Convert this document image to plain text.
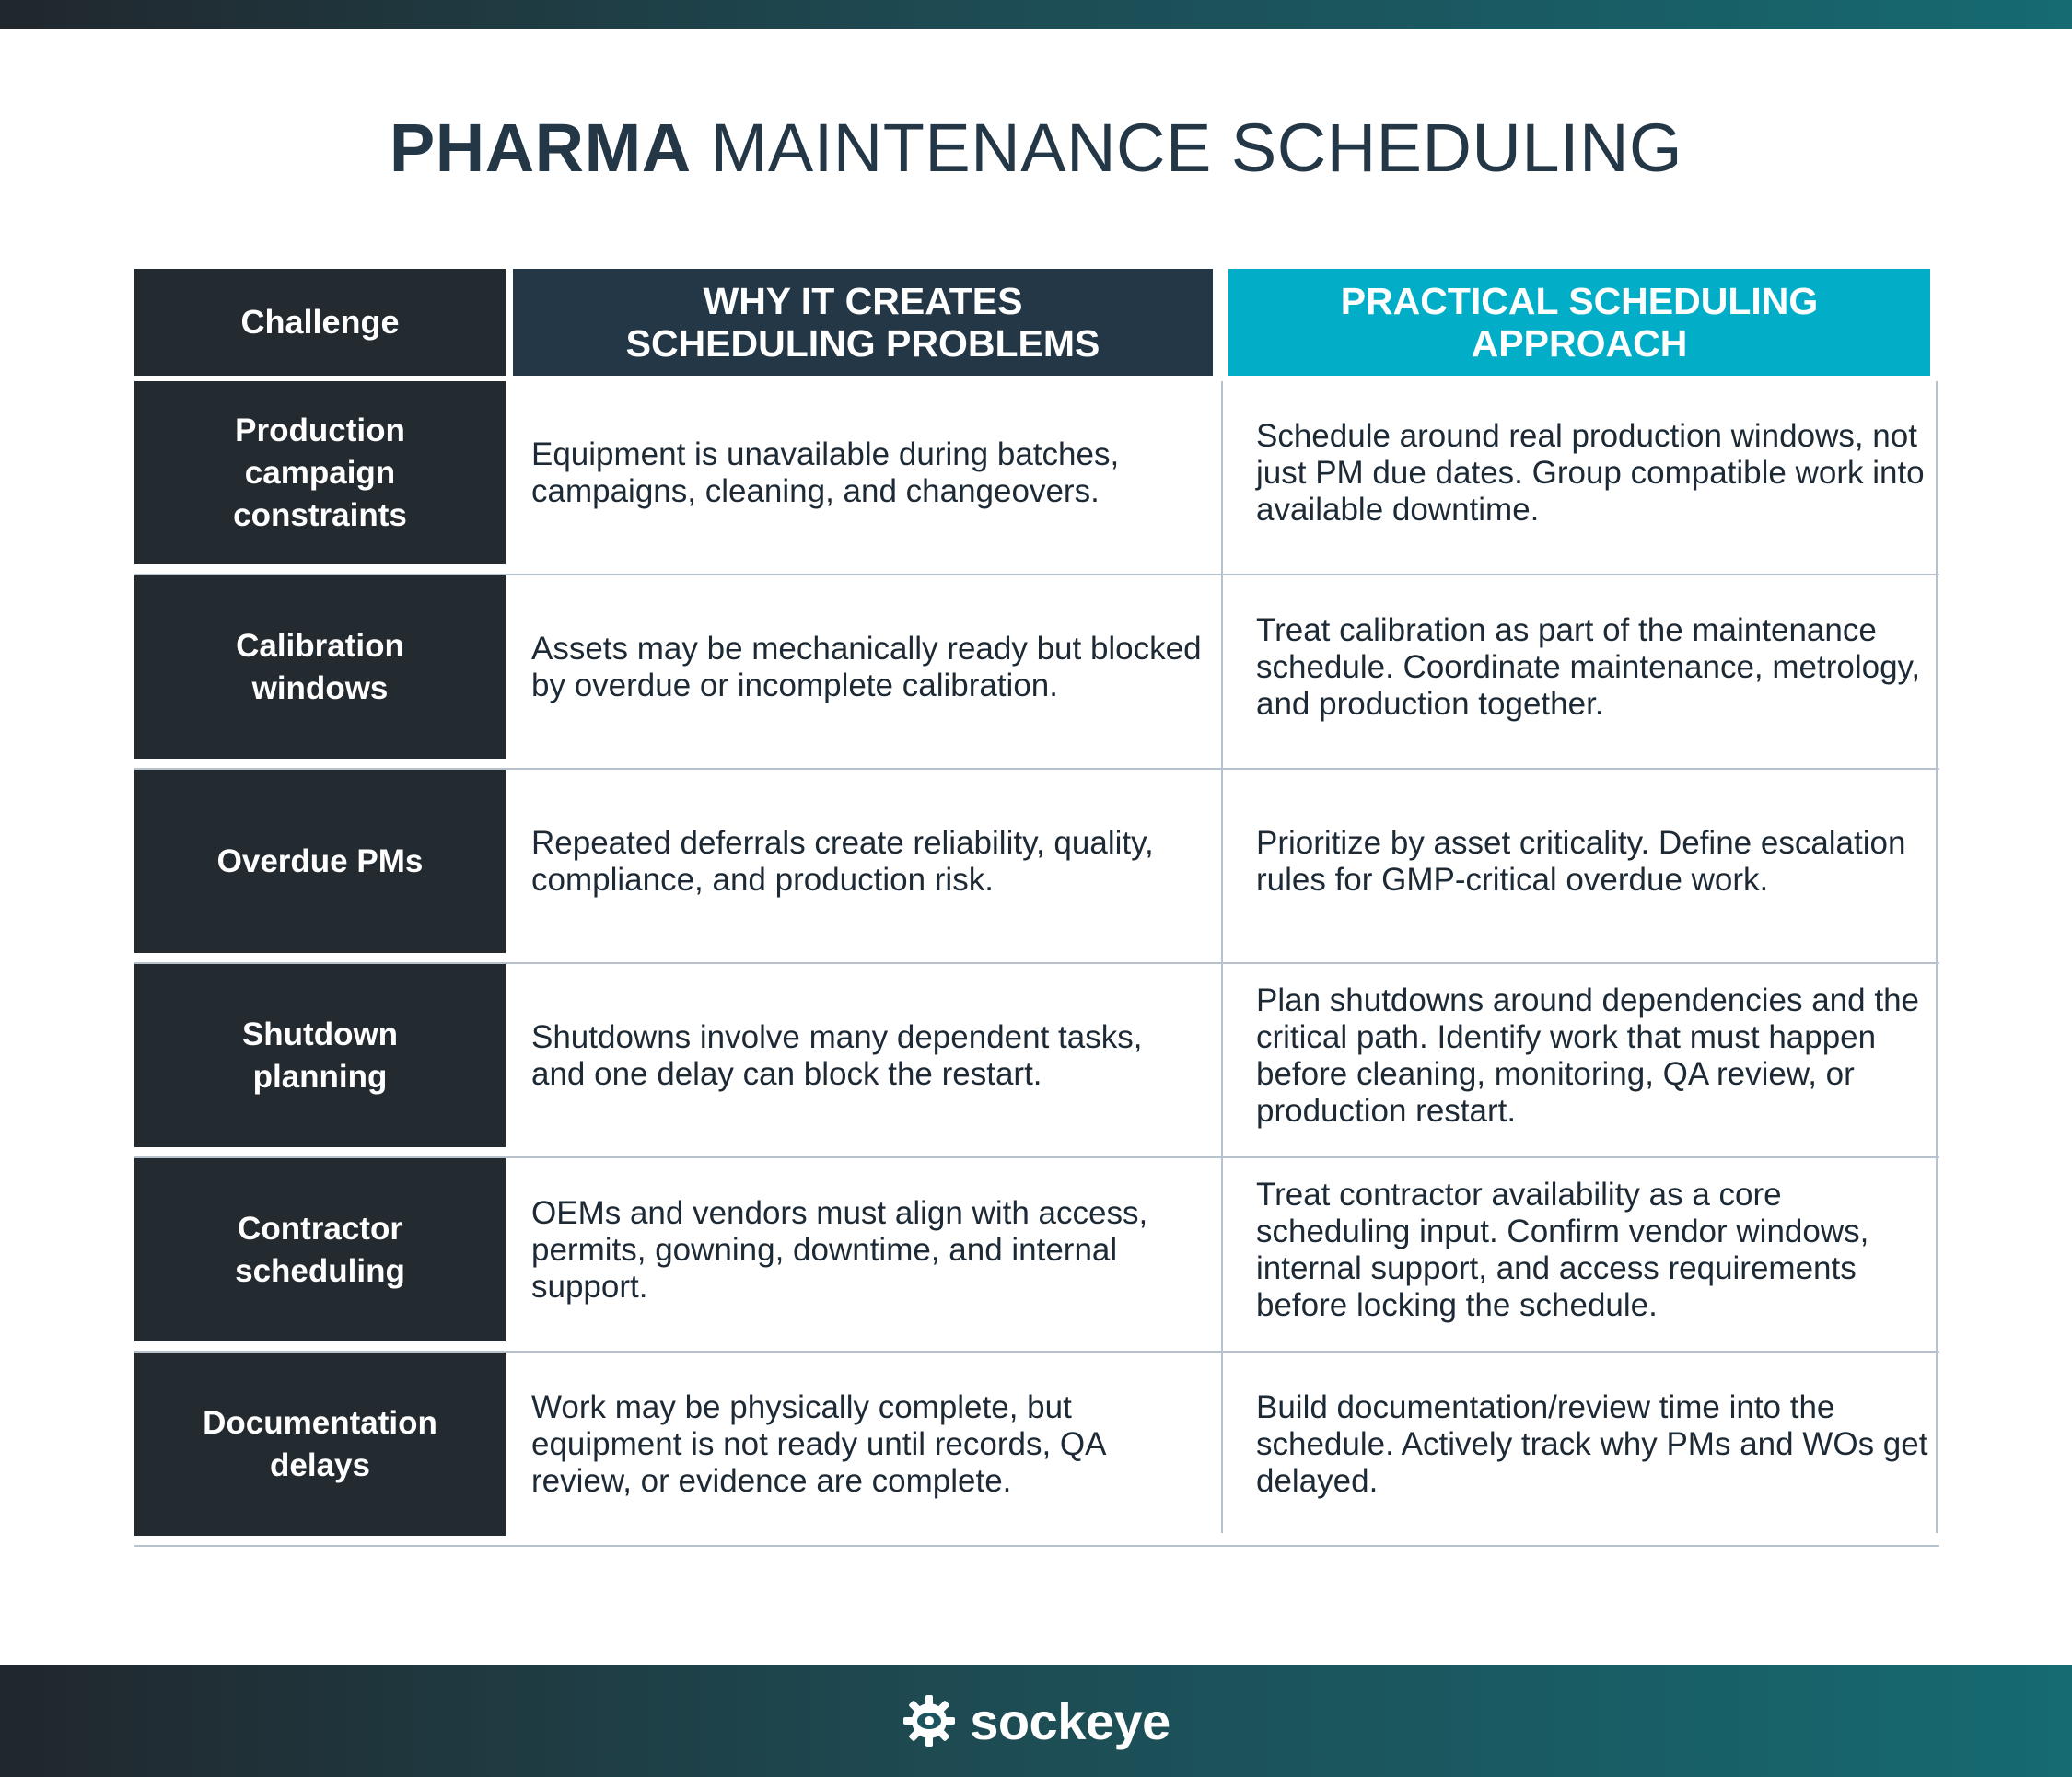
PHARMA MAINTENANCE SCHEDULING
Challenge	WHY IT CREATES SCHEDULING PROBLEMS
PRACTICAL SCHEDULING APPROACH
Production campaign constraints
Equipment is unavailable during batches, campaigns, cleaning, and changeovers.
Schedule around real production windows, not just PM due dates. Group compatible work into available downtime.
Calibration windows
Assets may be mechanically ready but blocked by overdue or incomplete calibration.
Treat calibration as part of the maintenance schedule. Coordinate maintenance, metrology, and production together.
Overdue PMs
Repeated deferrals create reliability, quality, compliance, and production risk.
Prioritize by asset criticality. Define escalation rules for GMP-critical overdue work.
Shutdown planning
Shutdowns involve many dependent tasks, and one delay can block the restart.
Plan shutdowns around dependencies and the critical path. Identify work that must happen before cleaning, monitoring, QA review, or production restart.
Contractor scheduling
OEMs and vendors must align with access, permits, gowning, downtime, and internal support.
Treat contractor availability as a core scheduling input. Confirm vendor windows, internal support, and access requirements before locking the schedule.
Documentation delays
Work may be physically complete, but equipment is not ready until records, QA review, or evidence are complete.
Build documentation/review time into the schedule. Actively track why PMs and WOs get delayed.
sockeye
